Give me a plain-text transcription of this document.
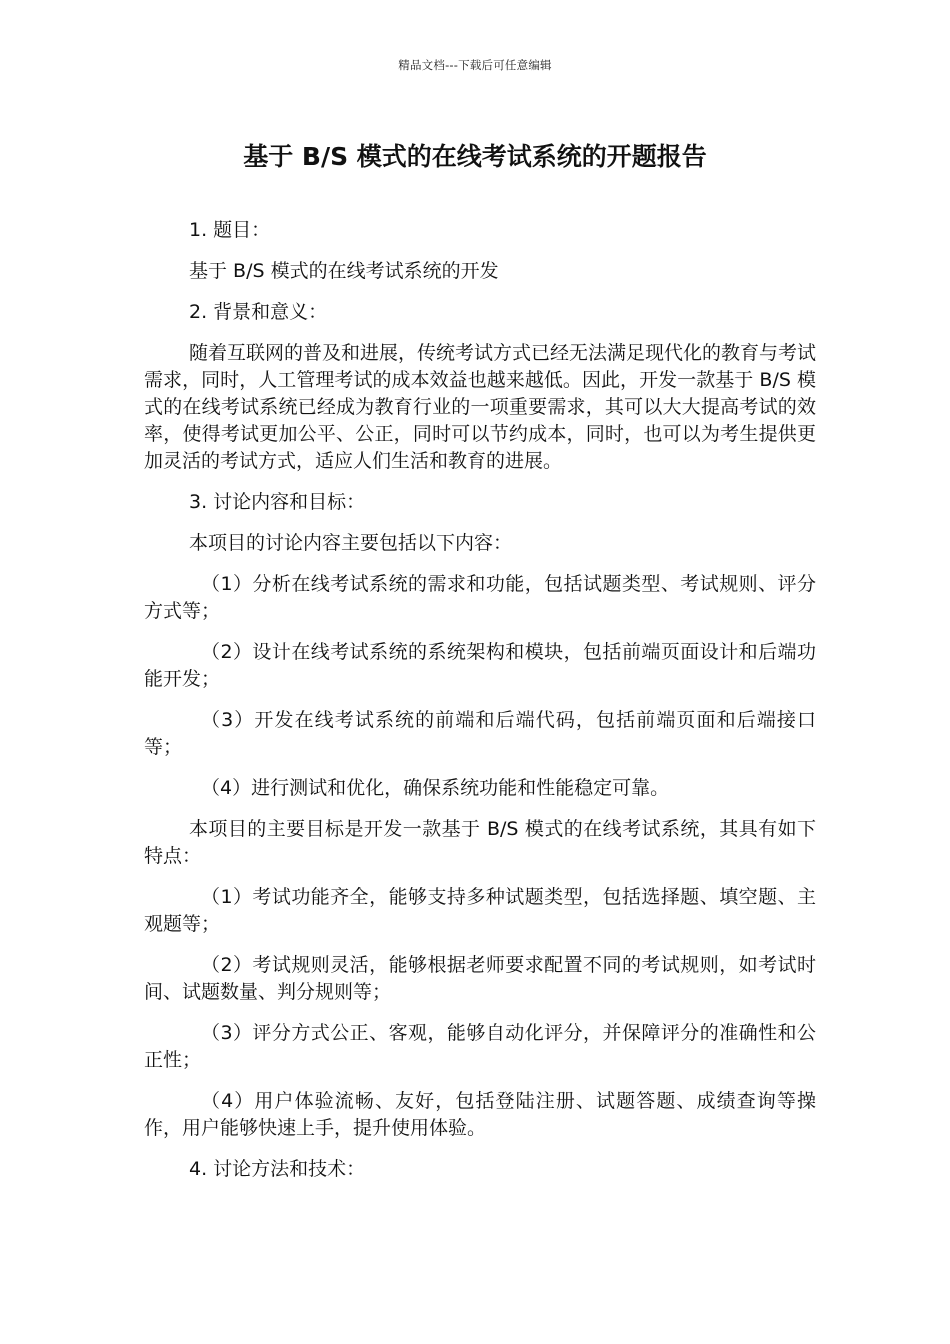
精品文档---下载后可任意编辑
基于 B/S 模式的在线考试系统的开题报告

1. 题目：

基于 B/S 模式的在线考试系统的开发

2. 背景和意义：

随着互联网的普及和进展，传统考试方式已经无法满足现代化的教育与考试需求，同时，人工管理考试的成本效益也越来越低。因此，开发一款基于 B/S 模式的在线考试系统已经成为教育行业的一项重要需求，其可以大大提高考试的效率，使得考试更加公平、公正，同时可以节约成本，同时，也可以为考生提供更加灵活的考试方式，适应人们生活和教育的进展。

3. 讨论内容和目标：

本项目的讨论内容主要包括以下内容：

（1）分析在线考试系统的需求和功能，包括试题类型、考试规则、评分方式等；

（2）设计在线考试系统的系统架构和模块，包括前端页面设计和后端功能开发；

（3）开发在线考试系统的前端和后端代码，包括前端页面和后端接口等；

（4）进行测试和优化，确保系统功能和性能稳定可靠。

本项目的主要目标是开发一款基于 B/S 模式的在线考试系统，其具有如下特点：

（1）考试功能齐全，能够支持多种试题类型，包括选择题、填空题、主观题等；

（2）考试规则灵活，能够根据老师要求配置不同的考试规则，如考试时间、试题数量、判分规则等；

（3）评分方式公正、客观，能够自动化评分，并保障评分的准确性和公正性；

（4）用户体验流畅、友好，包括登陆注册、试题答题、成绩查询等操作，用户能够快速上手，提升使用体验。

4. 讨论方法和技术：
